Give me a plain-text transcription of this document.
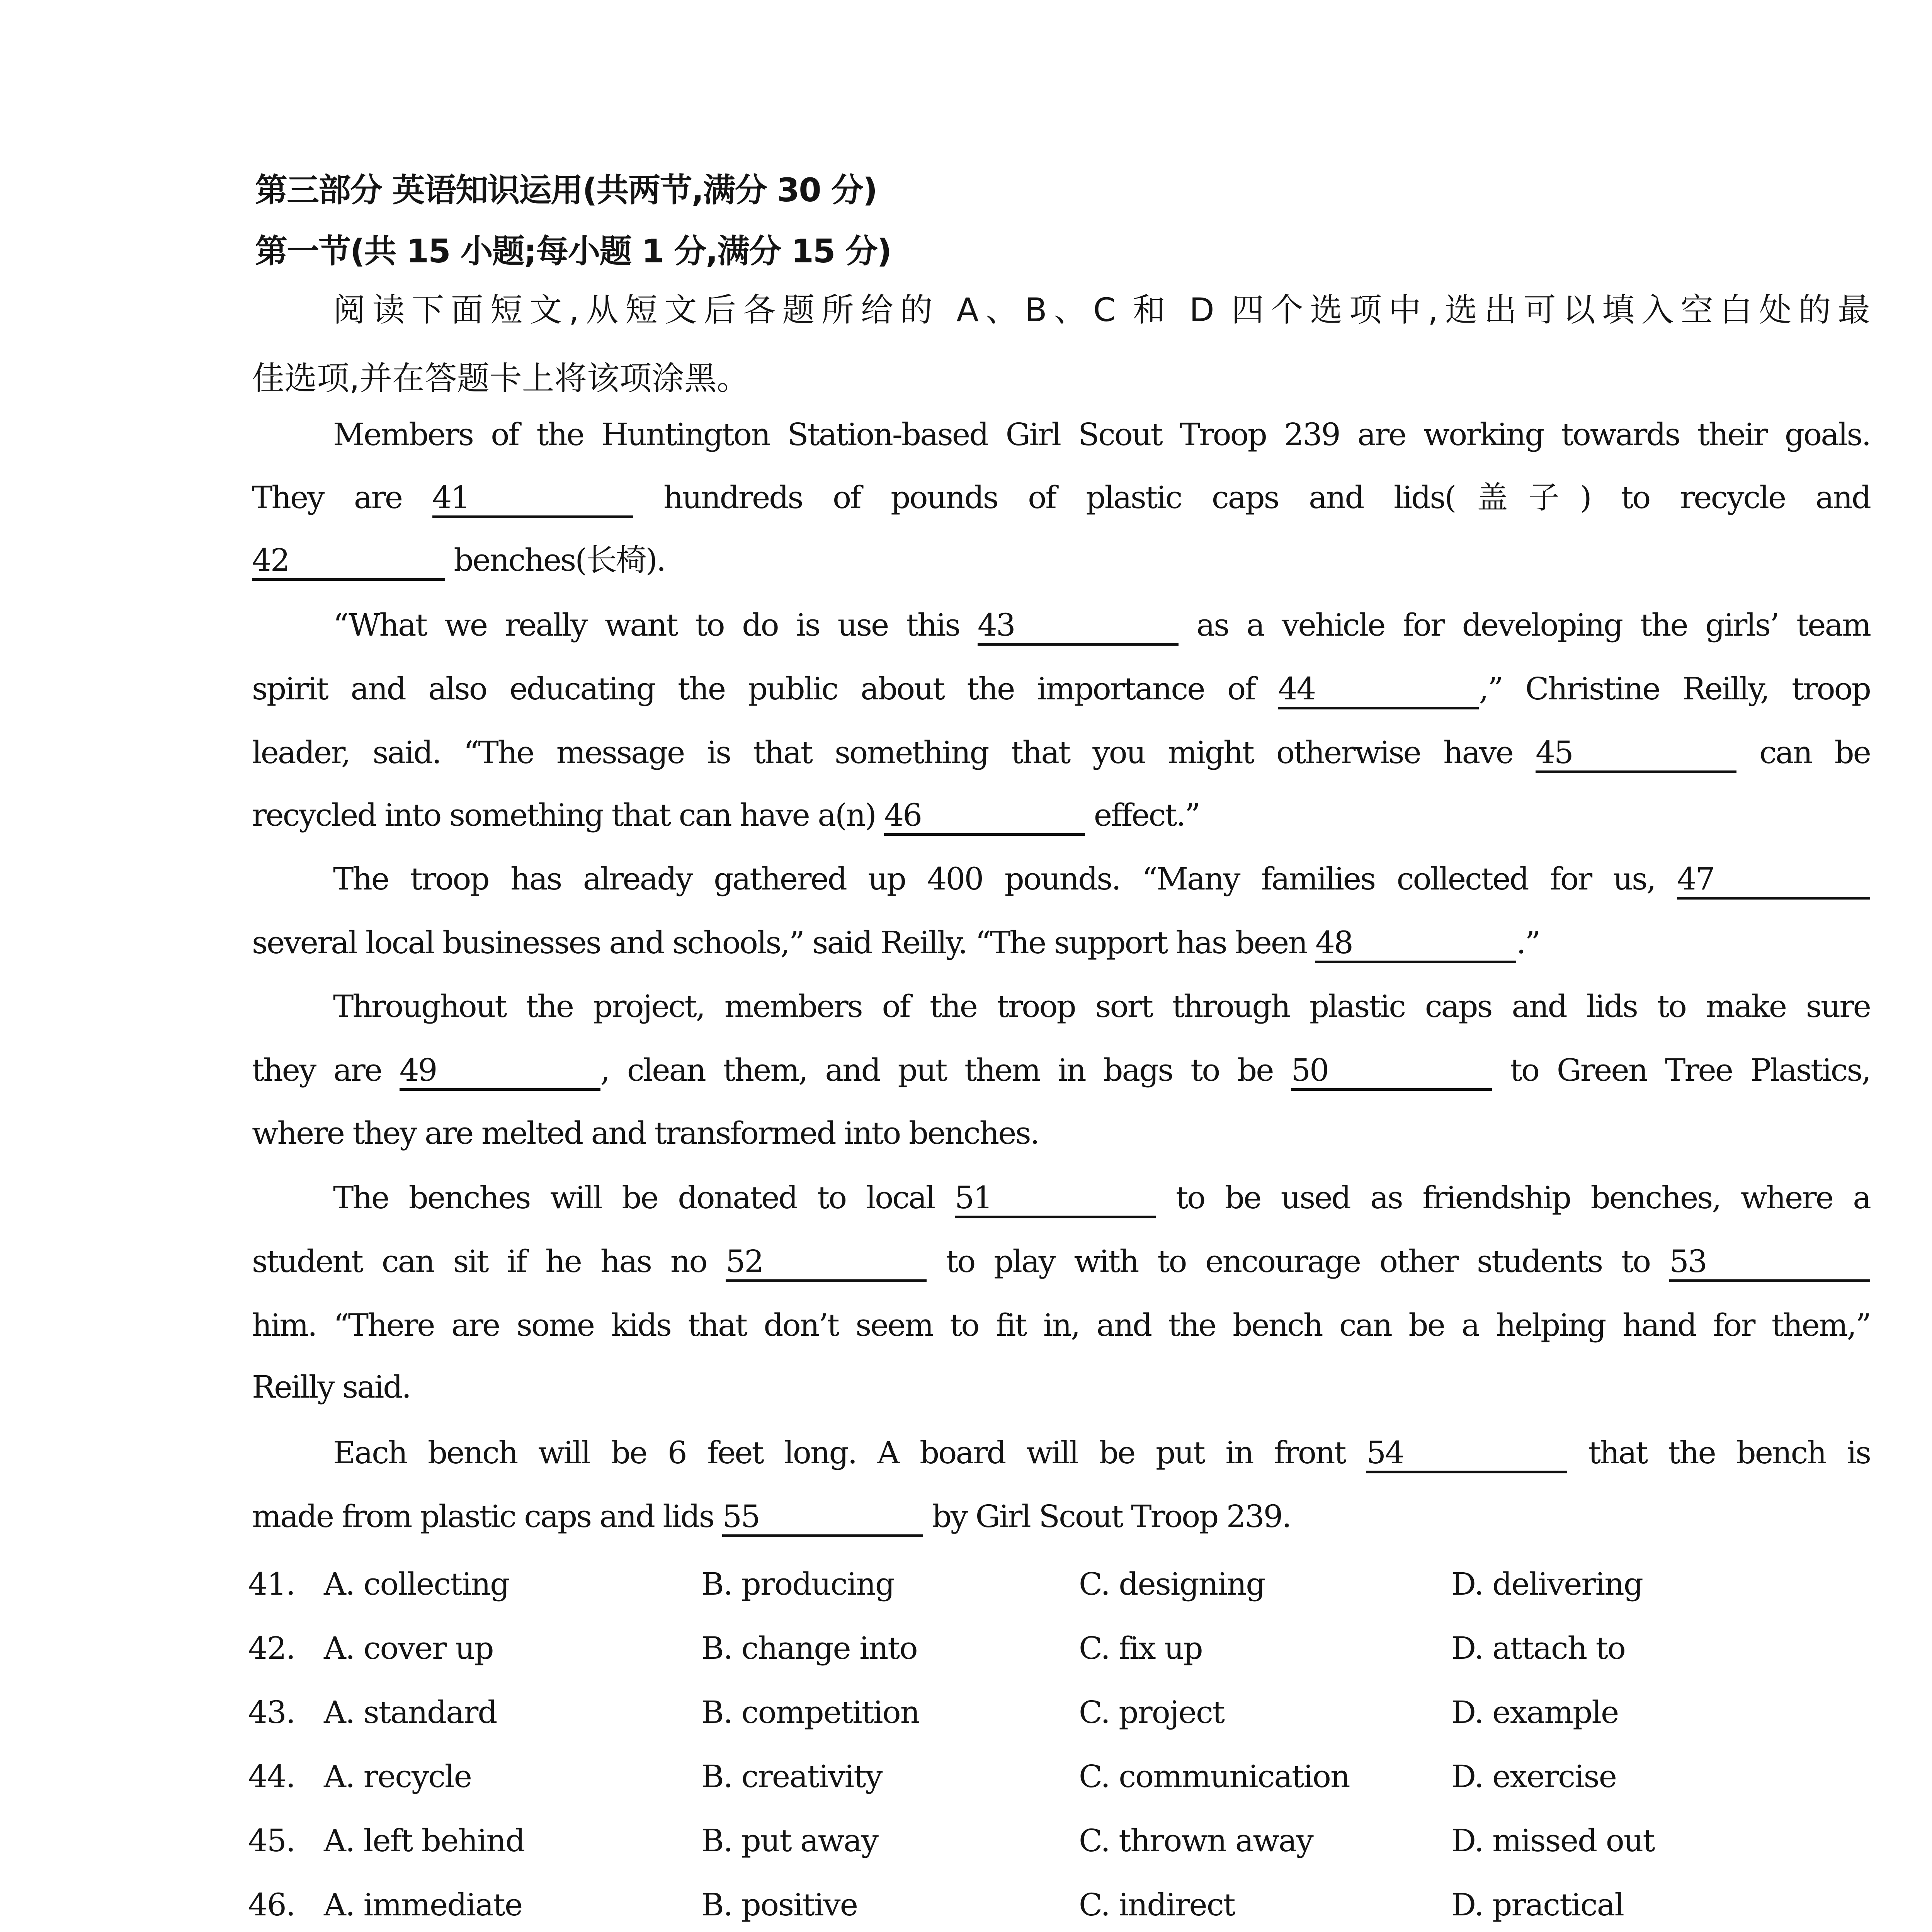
第三部分 英语知识运用(共两节,满分 30 分)
第一节(共 15 小题;每小题 1 分,满分 15 分)
阅读下面短文,从短文后各题所给的 A、B、C 和 D 四个选项中,选出可以填入空白处的最
佳选项,并在答题卡上将该项涂黑。
Members of the Huntington Station-based Girl Scout Troop 239 are working towards their goals.
They are 41	hundreds of pounds of plastic caps and lids(盖子) to recycle and
42	benches(长椅).
“What we really want to do is use this 43	as a vehicle for developing the girls’ team
spirit and also educating the public about the importance of 44	,” Christine Reilly, troop
leader, said. “The message is that something that you might otherwise have 45	can be
recycled into something that can have a(n) 46	effect.”
The troop has already gathered up 400 pounds. “Many families collected for us, 47
several local businesses and schools,” said Reilly. “The support has been 48	.”
Throughout the project, members of the troop sort through plastic caps and lids to make sure
they are 49	, clean them, and put them in bags to be 50	to Green Tree Plastics,
where they are melted and transformed into benches.
The benches will be donated to local 51	to be used as friendship benches, where a
student can sit if he has no 52	to play with to encourage other students to 53
him. “There are some kids that don’t seem to fit in, and the bench can be a helping hand for them,”
Reilly said.
Each bench will be 6 feet long. A board will be put in front 54	that the bench is
made from plastic caps and lids 55	by Girl Scout Troop 239.
41. A. collecting	B. producing	C. designing	D. delivering
42. A. cover up	B. change into	C. fix up	D. attach to
43. A. standard	B. competition	C. project	D. example
44. A. recycle	B. creativity	C. communication	D. exercise
45. A. left behind	B. put away	C. thrown away	D. missed out
46. A. immediate	B. positive	C. indirect	D. practical
